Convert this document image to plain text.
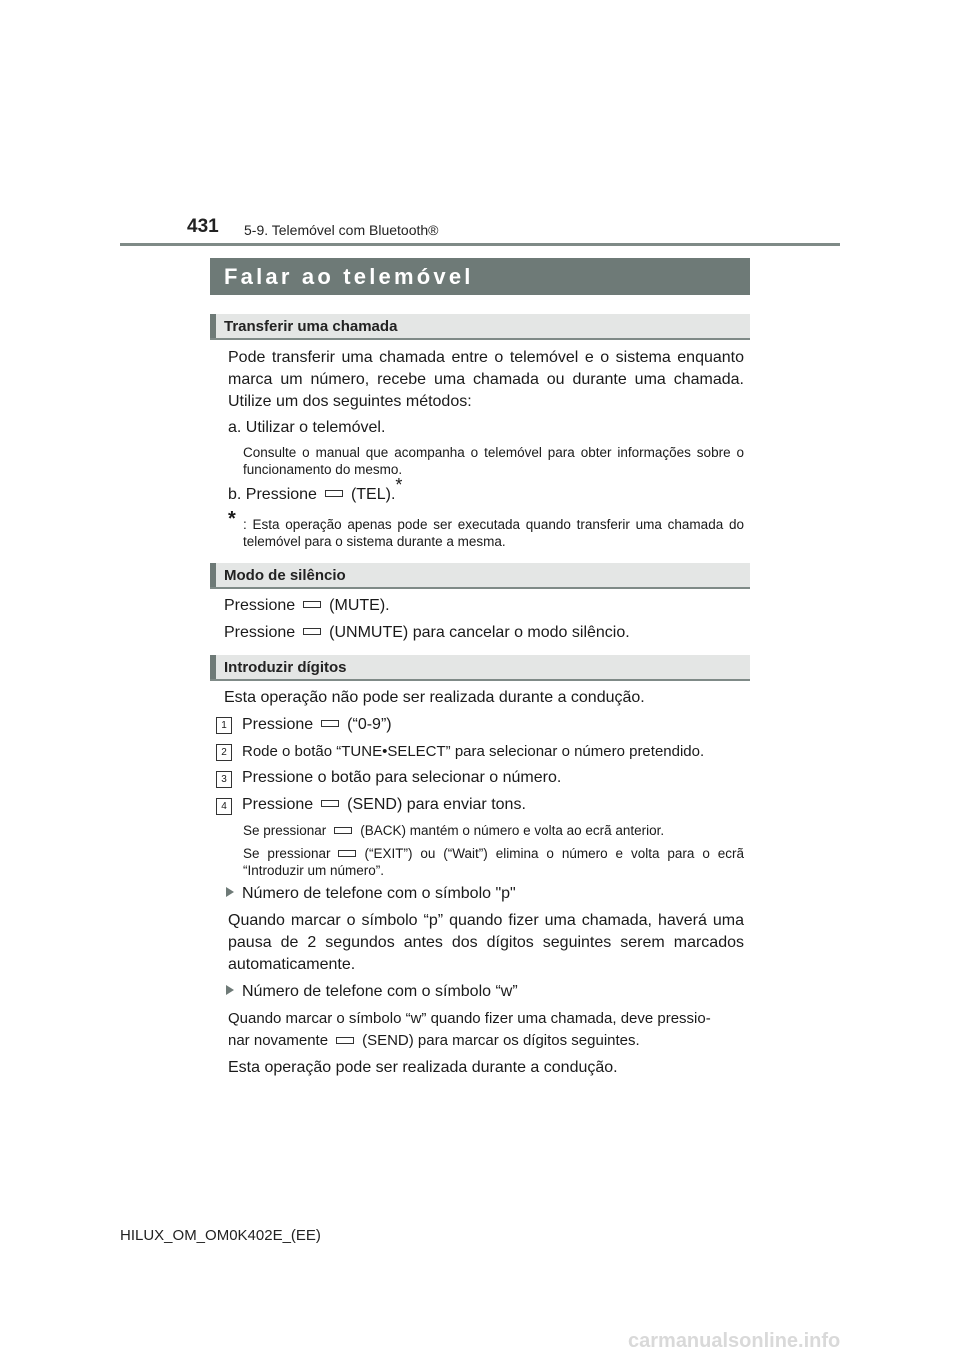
431 5-9. Telemóvel com Bluetooth®
Falar ao telemóvel
Transferir uma chamada
Pode transferir uma chamada entre o telemóvel e o sistema enquanto marca um número, recebe uma chamada ou durante uma chamada. Utilize um dos seguintes métodos:
a. Utilizar o telemóvel.
Consulte o manual que acompanha o telemóvel para obter informações sobre o funcionamento do mesmo.
b. Pressione (TEL).*
* : Esta operação apenas pode ser executada quando transferir uma chamada do telemóvel para o sistema durante a mesma.
Modo de silêncio
Pressione (MUTE).
Pressione (UNMUTE) para cancelar o modo silêncio.
Introduzir dígitos
Esta operação não pode ser realizada durante a condução.
1 Pressione (“0-9”)
2	Rode o botão “TUNE•SELECT” para selecionar o número pretendido.
3 Pressione o botão para selecionar o número.
4 Pressione (SEND) para enviar tons.
Se pressionar	(BACK) mantém o número e volta ao ecrã anterior.
Se pressionar	(“EXIT”) ou (“Wait”) elimina o número e volta para o ecrã “Introduzir um número”.
Número de telefone com o símbolo "p"
Quando marcar o símbolo “p” quando fizer uma chamada, haverá uma pausa de 2 segundos antes dos dígitos seguintes serem marcados automaticamente.
Número de telefone com o símbolo “w”
Quando marcar o símbolo “w” quando fizer uma chamada, deve pressio-
nar novamente (SEND) para marcar os dígitos seguintes.
Esta operação pode ser realizada durante a condução.
HILUX_OM_OM0K402E_(EE)
carmanualsonline.info
